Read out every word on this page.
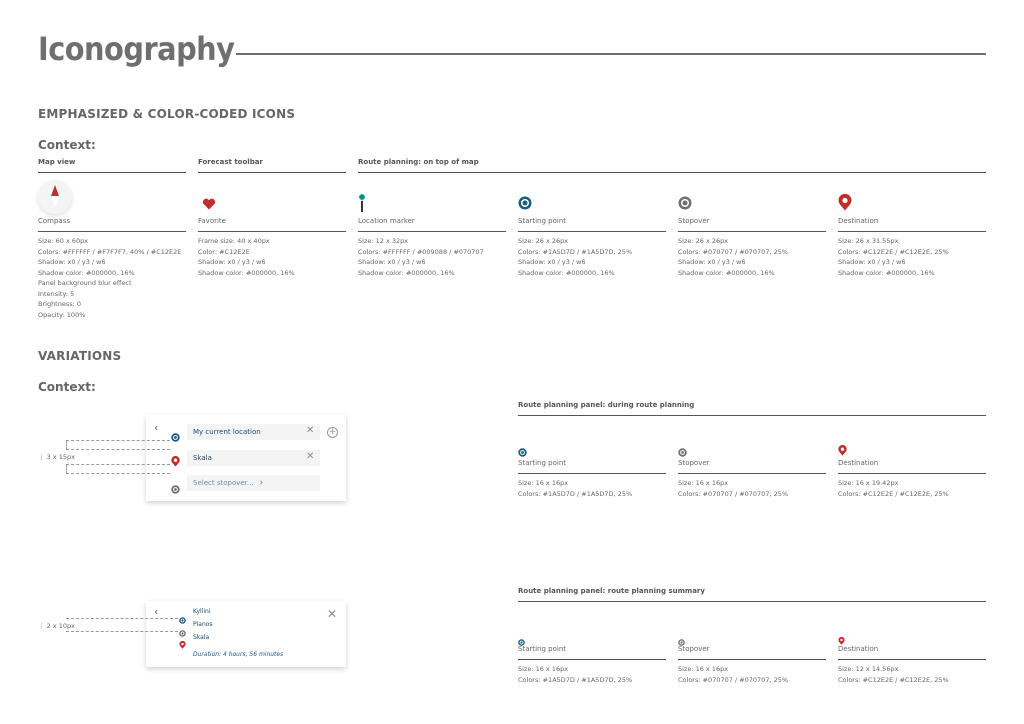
Iconography
EMPHASIZED & COLOR-CODED ICONS
Context:
Map view	Forecast toolbar	Route planning: on top of map
Compass
Size: 60 x 60px
Colors: #FFFFFF / #F7F7F7, 40% / #C12E2E
Shadow: x0 / y3 / w6
Shadow color: #000000, 16%
Panel background blur effect
Intensity: 5
Brightness: 0
Opacity: 100%
Favorite
Frame size: 40 x 40px
Color: #C12E2E
Shadow: x0 / y3 / w6
Shadow color: #000000, 16%
Location marker
Size: 12 x 32px
Colors: #FFFFFF / #009088 / #070707
Shadow: x0 / y3 / w6
Shadow color: #000000, 16%
Starting point
Size: 26 x 26px
Colors: #1A5D7D / #1A5D7D, 25%
Shadow: x0 / y3 / w6
Shadow color: #000000, 16%
Stopover
Size: 26 x 26px
Colors: #070707 / #070707, 25%
Shadow: x0 / y3 / w6
Shadow color: #000000, 16%
Destination
Size: 26 x 31.55px
Colors: #C12E2E / #C12E2E, 25%
Shadow: x0 / y3 / w6
Shadow color: #000000, 16%
VARIATIONS
Context:
‹	My current location	✕ +
Skala	✕
Select stopover... ›
⋮ 3 x 15px
‹	✕
Kyllini
Planos
Skala
Duration: 4 hours, 56 minutes
⋮ 2 x 10px
Route planning panel: during route planning
Starting point
Size: 16 x 16px
Colors: #1A5D7D / #1A5D7D, 25%
Stopover
Size: 16 x 16px
Colors: #070707 / #070707, 25%
Destination
Size: 16 x 19.42px
Colors: #C12E2E / #C12E2E, 25%
Route planning panel: route planning summary
Starting point
Size: 16 x 16px
Colors: #1A5D7D / #1A5D7D, 25%
Stopover
Size: 16 x 16px
Colors: #070707 / #070707, 25%
Destination
Size: 12 x 14.56px
Colors: #C12E2E / #C12E2E, 25%
